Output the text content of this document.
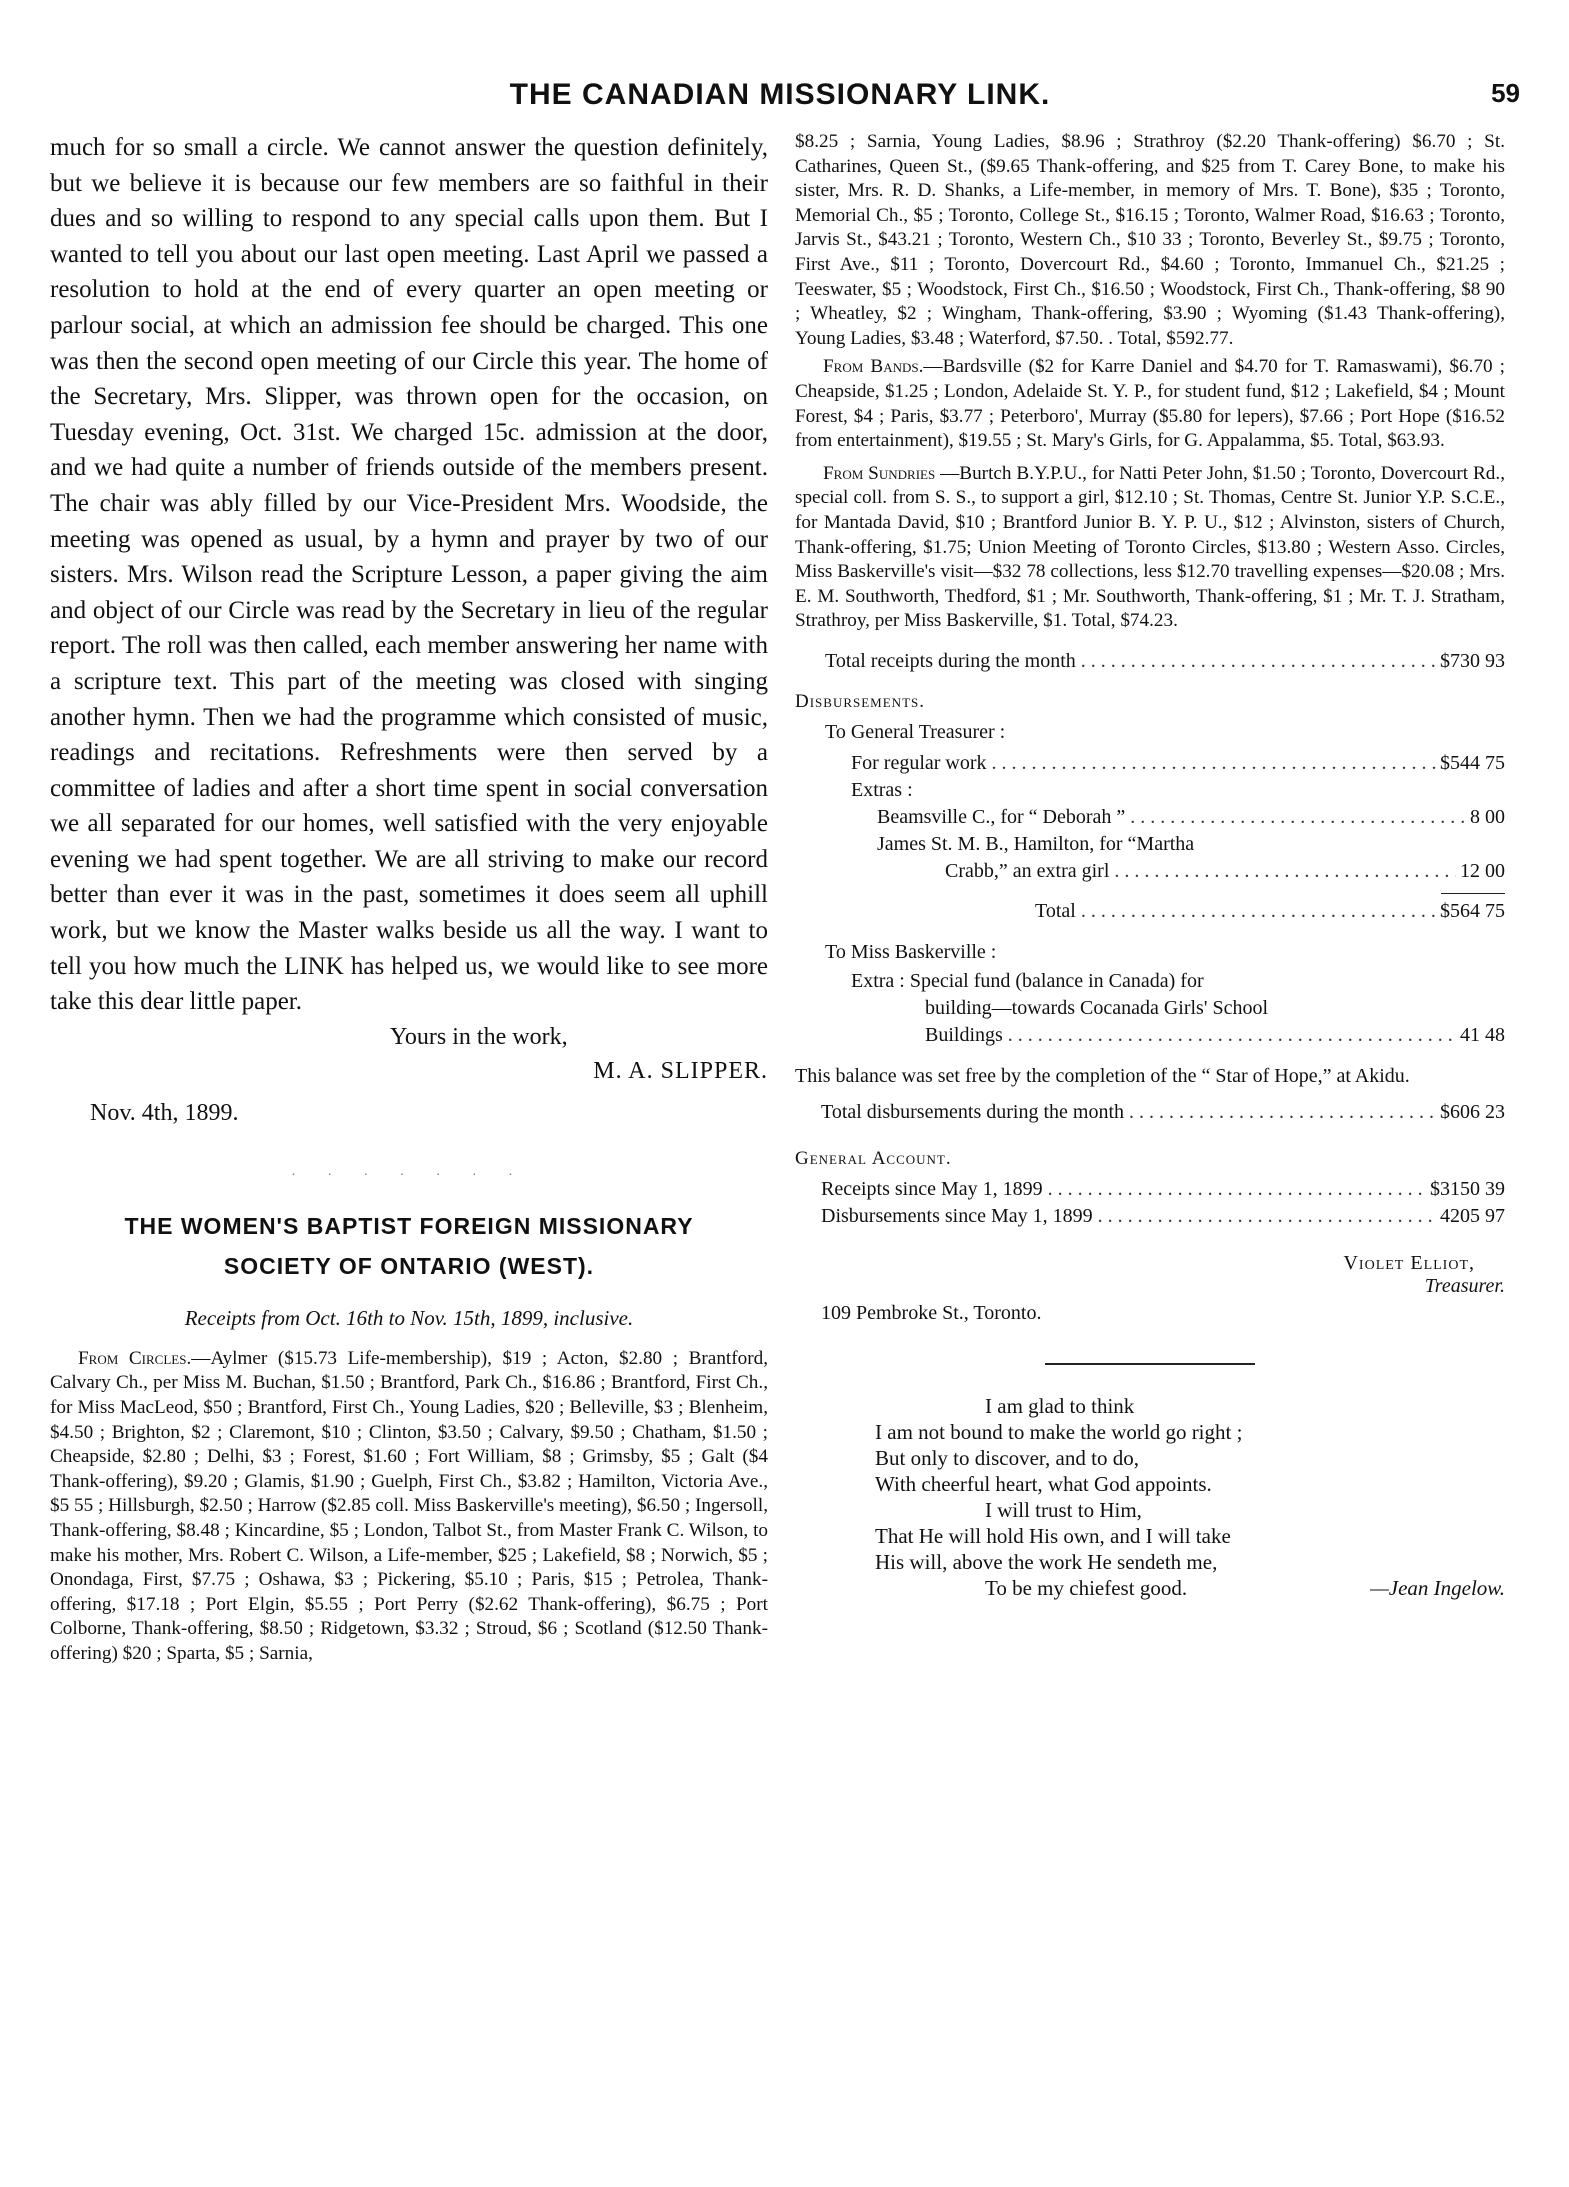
THE CANADIAN MISSIONARY LINK.	59

much for so small a circle. We cannot answer the question definitely, but we believe it is because our few members are so faithful in their dues and so willing to respond to any special calls upon them. But I wanted to tell you about our last open meeting. Last April we passed a resolution to hold at the end of every quarter an open meeting or parlour social, at which an admission fee should be charged. This one was then the second open meeting of our Circle this year. The home of the Secretary, Mrs. Slipper, was thrown open for the occasion, on Tuesday evening, Oct. 31st. We charged 15c. admission at the door, and we had quite a number of friends outside of the members present. The chair was ably filled by our Vice-President Mrs. Woodside, the meeting was opened as usual, by a hymn and prayer by two of our sisters. Mrs. Wilson read the Scripture Lesson, a paper giving the aim and object of our Circle was read by the Secretary in lieu of the regular report. The roll was then called, each member answering her name with a scripture text. This part of the meeting was closed with singing another hymn. Then we had the programme which consisted of music, readings and recitations. Refreshments were then served by a committee of ladies and after a short time spent in social conversation we all separated for our homes, well satisfied with the very enjoyable evening we had spent together. We are all striving to make our record better than ever it was in the past, sometimes it does seem all uphill work, but we know the Master walks beside us all the way. I want to tell you how much the LINK has helped us, we would like to see more take this dear little paper.

Yours in the work,
M. A. SLIPPER.
Nov. 4th, 1899.
· · · · · · ·
THE WOMEN'S BAPTIST FOREIGN MISSIONARY
SOCIETY OF ONTARIO (WEST).
Receipts from Oct. 16th to Nov. 15th, 1899, inclusive.

From Circles.—Aylmer ($15.73 Life-membership), $19 ; Acton, $2.80 ; Brantford, Calvary Ch., per Miss M. Buchan, $1.50 ; Brantford, Park Ch., $16.86 ; Brantford, First Ch., for Miss MacLeod, $50 ; Brantford, First Ch., Young Ladies, $20 ; Belleville, $3 ; Blenheim, $4.50 ; Brighton, $2 ; Claremont, $10 ; Clinton, $3.50 ; Calvary, $9.50 ; Chatham, $1.50 ; Cheapside, $2.80 ; Delhi, $3 ; Forest, $1.60 ; Fort William, $8 ; Grimsby, $5 ; Galt ($4 Thank-offering), $9.20 ; Glamis, $1.90 ; Guelph, First Ch., $3.82 ; Hamilton, Victoria Ave., $5 55 ; Hillsburgh, $2.50 ; Harrow ($2.85 coll. Miss Baskerville's meeting), $6.50 ; Ingersoll, Thank-offering, $8.48 ; Kincardine, $5 ; London, Talbot St., from Master Frank C. Wilson, to make his mother, Mrs. Robert C. Wilson, a Life-member, $25 ; Lakefield, $8 ; Norwich, $5 ; Onondaga, First, $7.75 ; Oshawa, $3 ; Pickering, $5.10 ; Paris, $15 ; Petrolea, Thank-offering, $17.18 ; Port Elgin, $5.55 ; Port Perry ($2.62 Thank-offering), $6.75 ; Port Colborne, Thank-offering, $8.50 ; Ridgetown, $3.32 ; Stroud, $6 ; Scotland ($12.50 Thank-offering) $20 ; Sparta, $5 ; Sarnia,

$8.25 ; Sarnia, Young Ladies, $8.96 ; Strathroy ($2.20 Thank-offering) $6.70 ; St. Catharines, Queen St., ($9.65 Thank-offering, and $25 from T. Carey Bone, to make his sister, Mrs. R. D. Shanks, a Life-member, in memory of Mrs. T. Bone), $35 ; Toronto, Memorial Ch., $5 ; Toronto, College St., $16.15 ; Toronto, Walmer Road, $16.63 ; Toronto, Jarvis St., $43.21 ; Toronto, Western Ch., $10 33 ; Toronto, Beverley St., $9.75 ; Toronto, First Ave., $11 ; Toronto, Dovercourt Rd., $4.60 ; Toronto, Immanuel Ch., $21.25 ; Teeswater, $5 ; Woodstock, First Ch., $16.50 ; Woodstock, First Ch., Thank-offering, $8 90 ; Wheatley, $2 ; Wingham, Thank-offering, $3.90 ; Wyoming ($1.43 Thank-offering), Young Ladies, $3.48 ; Waterford, $7.50. . Total, $592.77.

From Bands.—Bardsville ($2 for Karre Daniel and $4.70 for T. Ramaswami), $6.70 ; Cheapside, $1.25 ; London, Adelaide St. Y. P., for student fund, $12 ; Lakefield, $4 ; Mount Forest, $4 ; Paris, $3.77 ; Peterboro', Murray ($5.80 for lepers), $7.66 ; Port Hope ($16.52 from entertainment), $19.55 ; St. Mary's Girls, for G. Appalamma, $5. Total, $63.93.

From Sundries —Burtch B.Y.P.U., for Natti Peter John, $1.50 ; Toronto, Dovercourt Rd., special coll. from S. S., to support a girl, $12.10 ; St. Thomas, Centre St. Junior Y.P. S.C.E., for Mantada David, $10 ; Brantford Junior B. Y. P. U., $12 ; Alvinston, sisters of Church, Thank-offering, $1.75; Union Meeting of Toronto Circles, $13.80 ; Western Asso. Circles, Miss Baskerville's visit—$32 78 collections, less $12.70 travelling expenses—$20.08 ; Mrs. E. M. Southworth, Thedford, $1 ; Mr. Southworth, Thank-offering, $1 ; Mr. T. J. Stratham, Strathroy, per Miss Baskerville, $1. Total, $74.23.

Total receipts during the month . . .	$730 93
Disbursements.
To General Treasurer :
For regular work . . .	$544 75
Extras :
Beamsville C., for “ Deborah ” . . .	8 00
James St. M. B., Hamilton, for “Martha
Crabb,” an extra girl . . .	12 00
Total . . .	$564 75
To Miss Baskerville :
Extra : Special fund (balance in Canada) for
building—towards Cocanada Girls' School
Buildings . . .	41 48

This balance was set free by the completion of the “ Star of Hope,” at Akidu.

Total disbursements during the month . . .	$606 23
General Account.
Receipts since May 1, 1899 . . .	$3150 39
Disbursements since May 1, 1899 . . .	4205 97
Violet Elliot,
Treasurer.
109 Pembroke St., Toronto.
I am glad to think
I am not bound to make the world go right ;
But only to discover, and to do,
With cheerful heart, what God appoints.
I will trust to Him,
That He will hold His own, and I will take
His will, above the work He sendeth me,
To be my chiefest good.	—Jean Ingelow.
